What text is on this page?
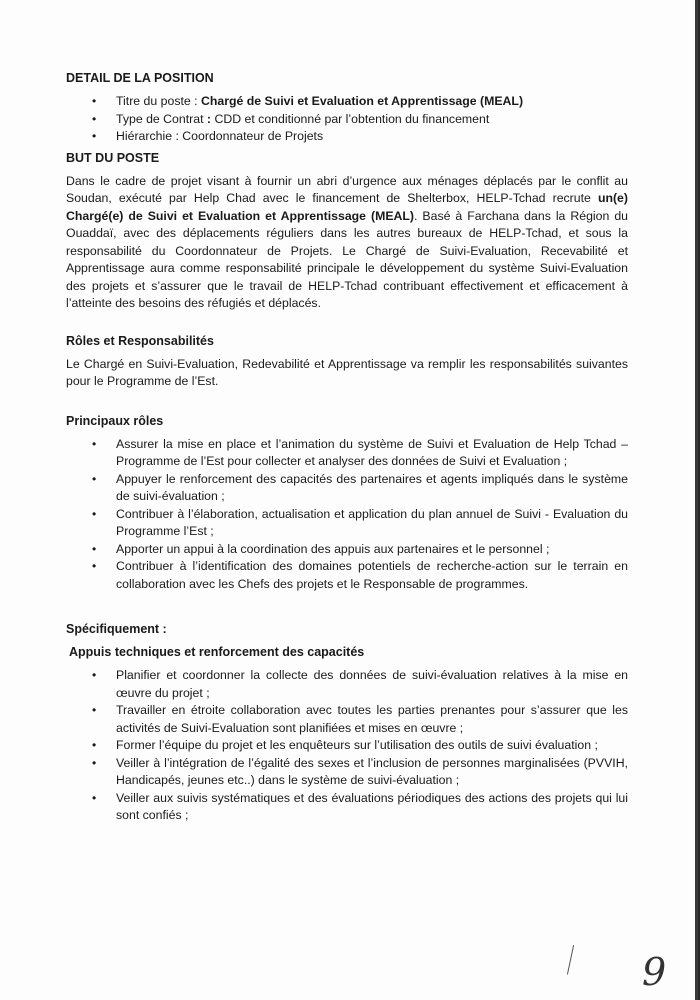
DETAIL DE LA POSITION
• Titre du poste : Chargé de Suivi et Evaluation et Apprentissage (MEAL)
• Type de Contrat : CDD et conditionné par l’obtention du financement
• Hiérarchie : Coordonnateur de Projets
BUT DU POSTE

Dans le cadre de projet visant à fournir un abri d’urgence aux ménages déplacés par le conflit au Soudan, exécuté par Help Chad avec le financement de Shelterbox, HELP-Tchad recrute un(e) Chargé(e) de Suivi et Evaluation et Apprentissage (MEAL). Basé à Farchana dans la Région du Ouaddaï, avec des déplacements réguliers dans les autres bureaux de HELP-Tchad, et sous la responsabilité du Coordonnateur de Projets. Le Chargé de Suivi-Evaluation, Recevabilité et Apprentissage aura comme responsabilité principale le développement du système Suivi-Evaluation des projets et s’assurer que le travail de HELP-Tchad contribuant effectivement et efficacement à l’atteinte des besoins des réfugiés et déplacés.

Rôles et Responsabilités

Le Chargé en Suivi-Evaluation, Redevabilité et Apprentissage va remplir les responsabilités suivantes pour le Programme de l’Est.

Principaux rôles
• Assurer la mise en place et l’animation du système de Suivi et Evaluation de Help Tchad – Programme de l’Est pour collecter et analyser des données de Suivi et Evaluation ;
• Appuyer le renforcement des capacités des partenaires et agents impliqués dans le système de suivi-évaluation ;
• Contribuer à l’élaboration, actualisation et application du plan annuel de Suivi - Evaluation du Programme l’Est ;
• Apporter un appui à la coordination des appuis aux partenaires et le personnel ;
• Contribuer à l’identification des domaines potentiels de recherche-action sur le terrain en collaboration avec les Chefs des projets et le Responsable de programmes.
Spécifiquement :
Appuis techniques et renforcement des capacités
• Planifier et coordonner la collecte des données de suivi-évaluation relatives à la mise en œuvre du projet ;
• Travailler en étroite collaboration avec toutes les parties prenantes pour s’assurer que les activités de Suivi-Evaluation sont planifiées et mises en œuvre ;
• Former l’équipe du projet et les enquêteurs sur l’utilisation des outils de suivi évaluation ;
• Veiller à l’intégration de l’égalité des sexes et l’inclusion de personnes marginalisées (PVVIH, Handicapés, jeunes etc..) dans le système de suivi-évaluation ;
• Veiller aux suivis systématiques et des évaluations périodiques des actions des projets qui lui sont confiés ;
9
